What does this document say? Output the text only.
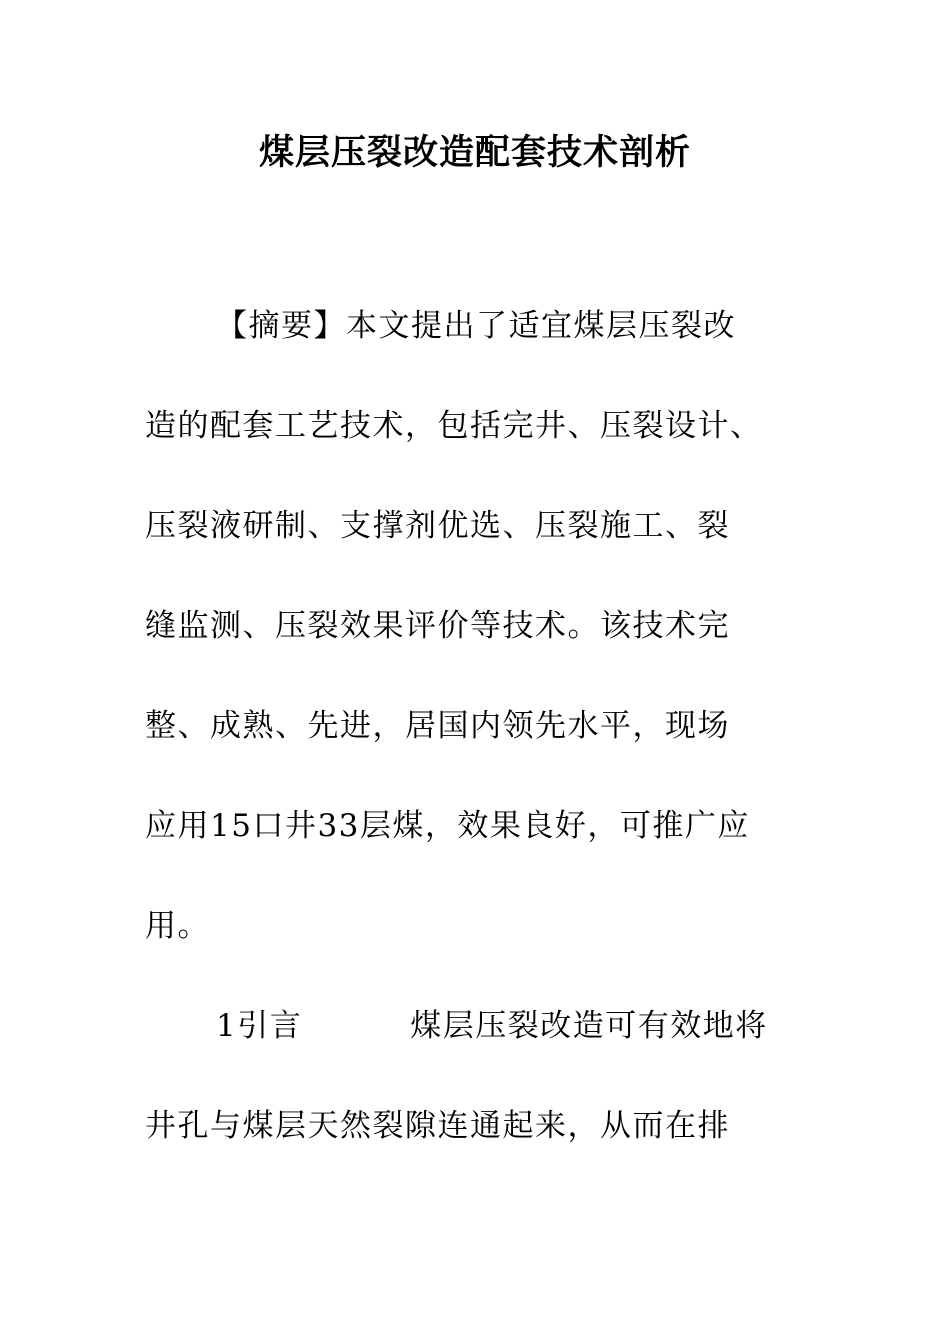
煤层压裂改造配套技术剖析
【摘要】本文提出了适宜煤层压裂改
造的配套工艺技术，包括完井、压裂设计、
压裂液研制、支撑剂优选、压裂施工、裂
缝监测、压裂效果评价等技术。该技术完
整、成熟、先进，居国内领先水平，现场
应用15口井33层煤，效果良好，可推广应
用。
1引言	煤层压裂改造可有效地将
井孔与煤层天然裂隙连通起来，从而在排
